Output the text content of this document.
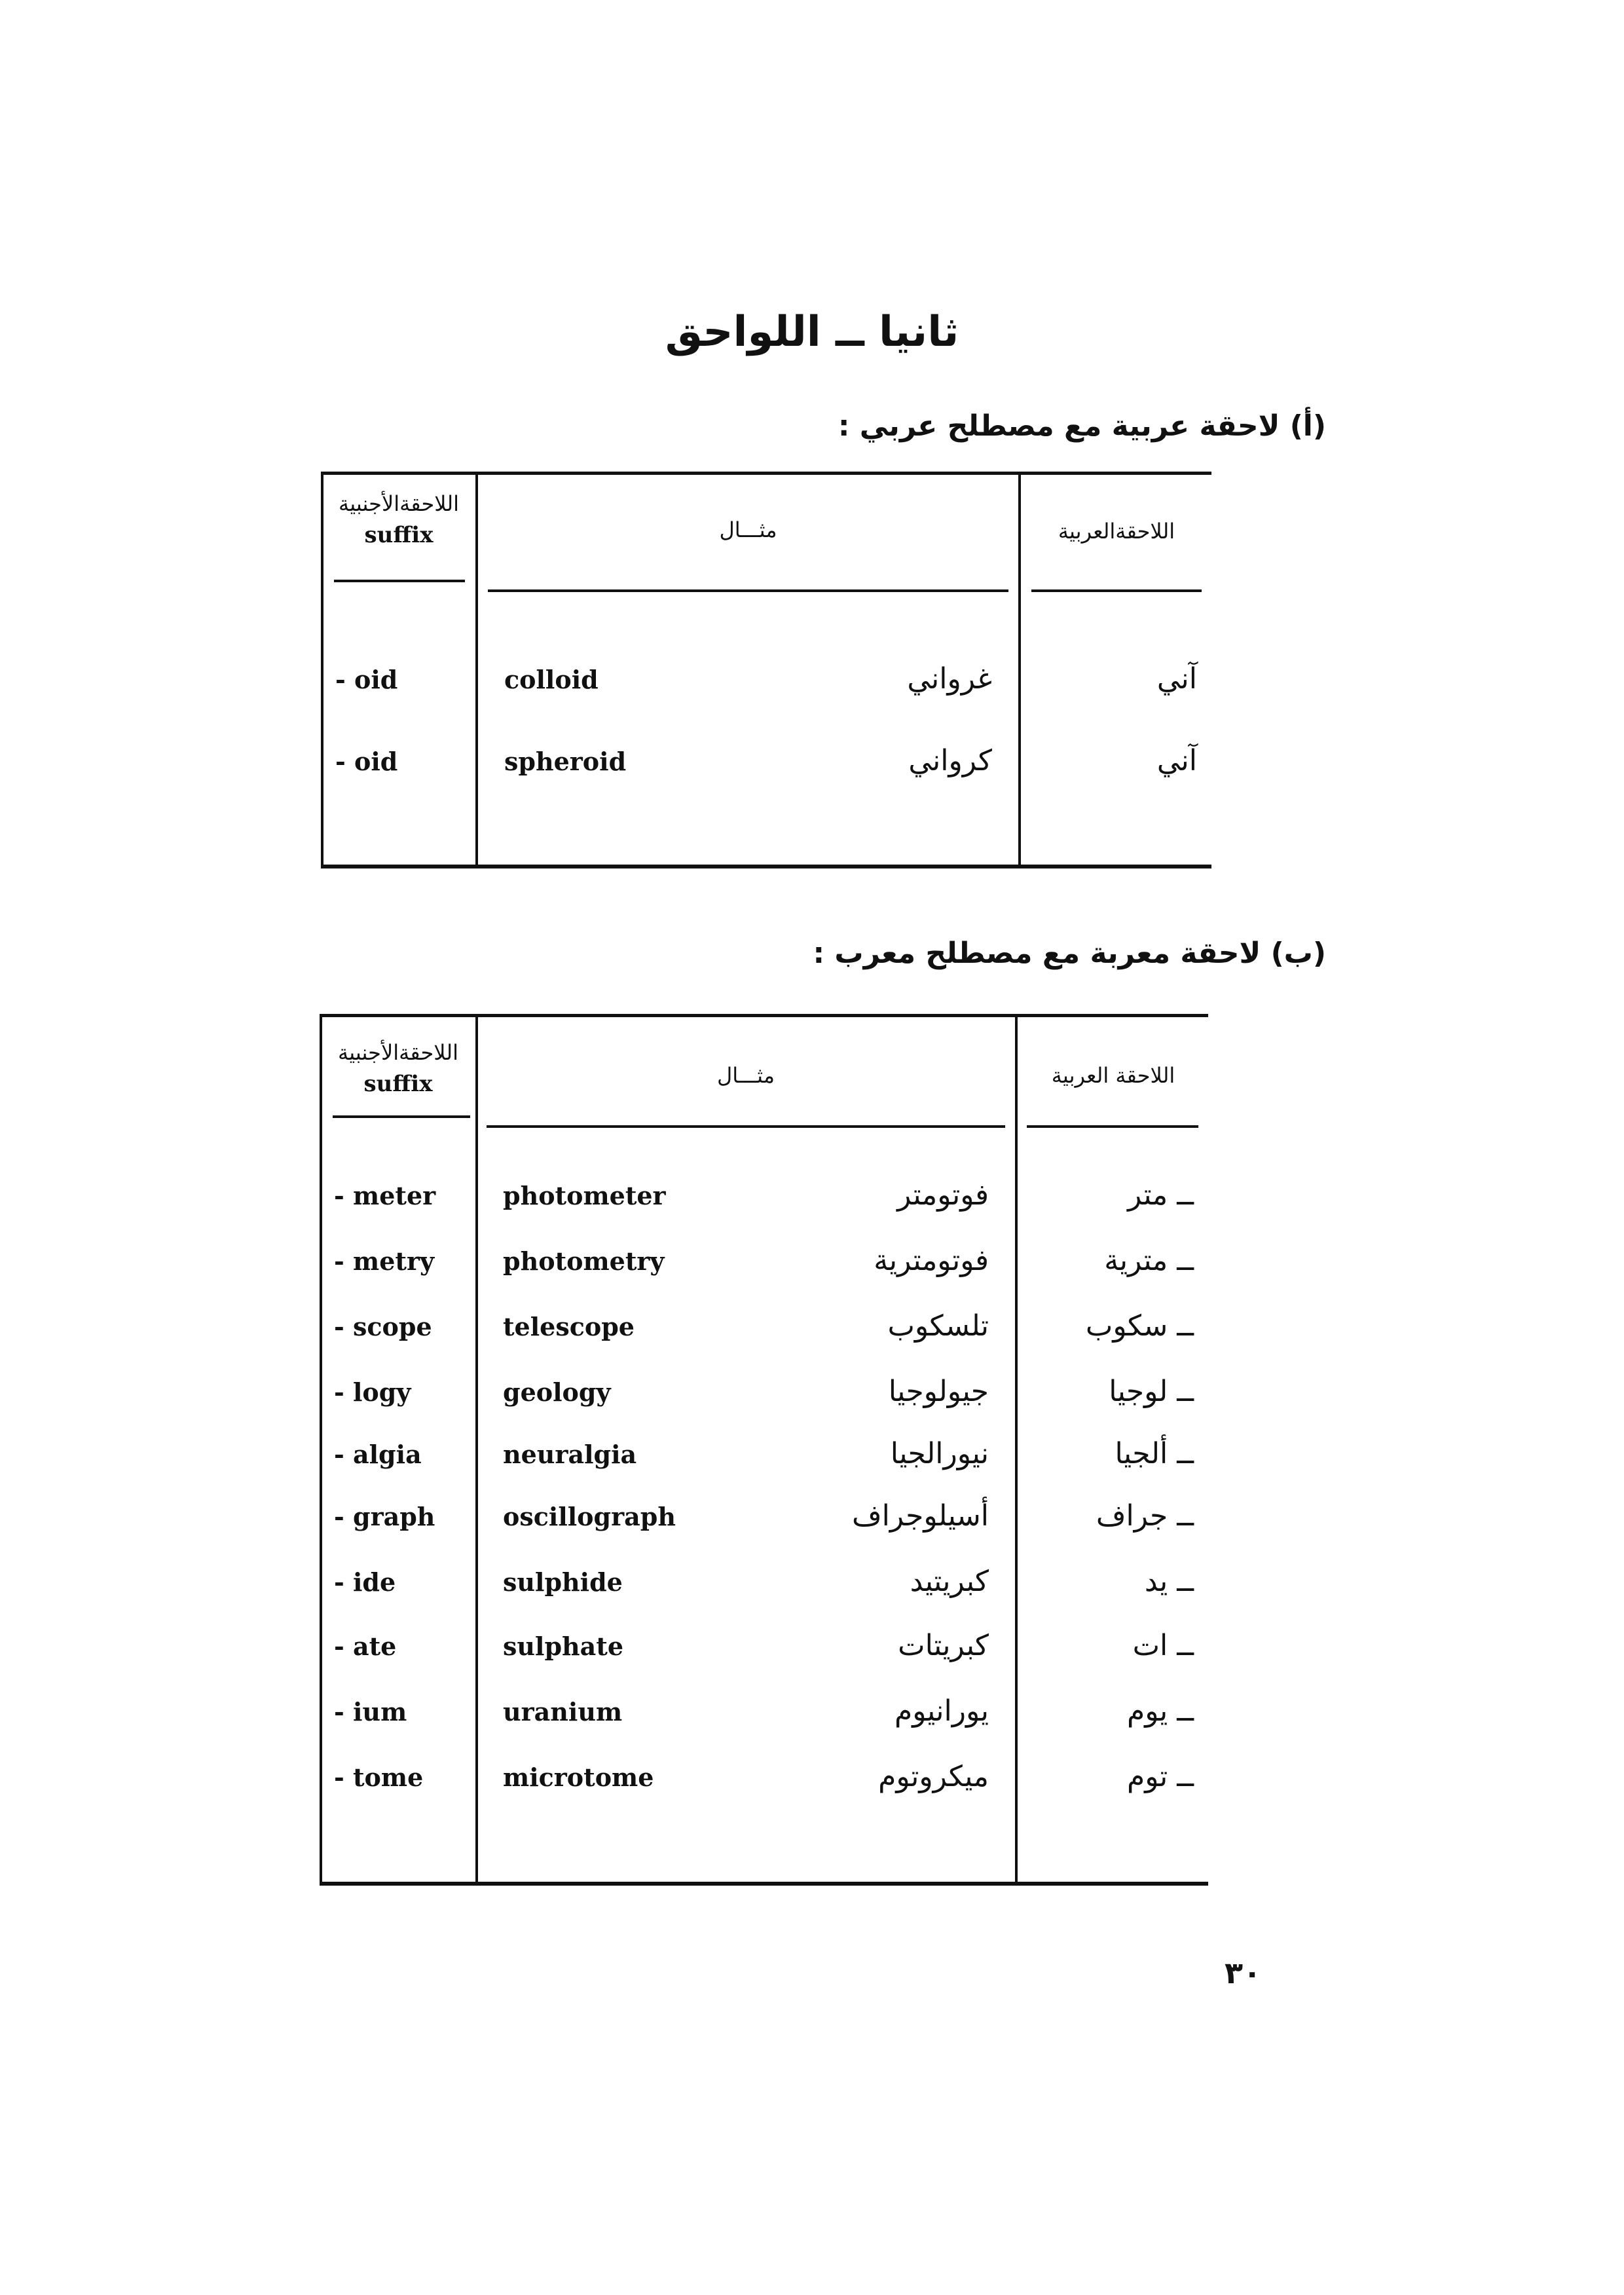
ثانيا ــ اللواحق
(أ) لاحقة عربية مع مصطلح عربي :
اللاحقةالأجنبية
suffix	مثـــال	اللاحقةالعربية
- oid	colloid	غرواني	آني
- oid	spheroid	كرواني	آني
(ب) لاحقة معربة مع مصطلح معرب :
اللاحقةالأجنبية
suffix	مثـــال	اللاحقة العربية
- meter	photometer	فوتومتر	ــ متر
- metry	photometry	فوتومترية	ــ مترية
- scope	telescope	تلسكوب	ــ سكوب
- logy	geology	جيولوجيا	ــ لوجيا
- algia	neuralgia	نيورالجيا	ــ ألجيا
- graph	oscillograph	أسيلوجراف	ــ جراف
- ide	sulphide	كبريتيد	ــ يد
- ate	sulphate	كبريتات	ــ ات
- ium	uranium	يورانيوم	ــ يوم
- tome	microtome	ميكروتوم	ــ توم
٣٠
